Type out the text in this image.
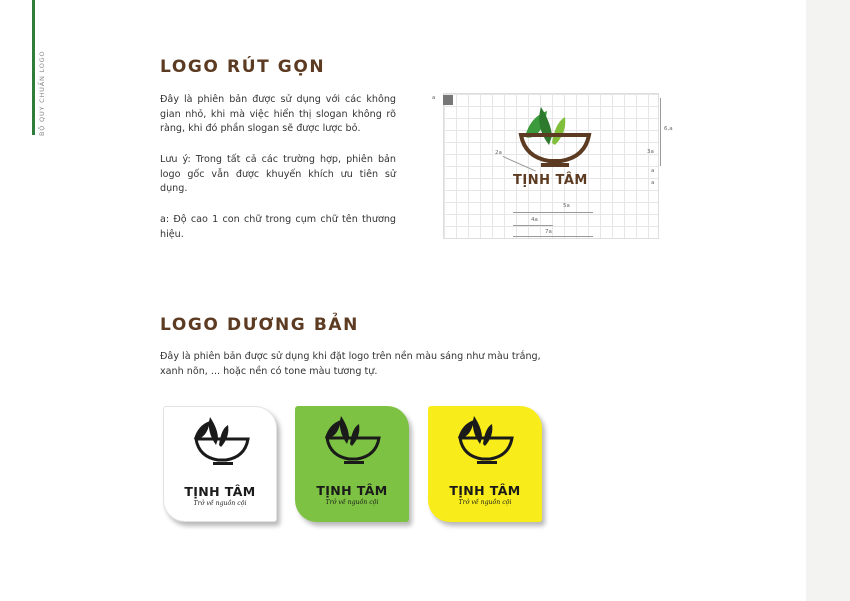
BỘ QUY CHUẨN LOGO	LOGO RÚT GỌN

Đây là phiên bản được sử dụng với các không gian nhỏ, khi mà việc hiển thị slogan không rõ ràng, khi đó phần slogan sẽ được lược bỏ.

Lưu ý: Trong tất cả các trường hợp, phiên bản logo gốc vẫn được khuyến khích ưu tiên sử dụng.

a: Độ cao 1 con chữ trong cụm chữ tên thương hiệu.

a
6,a
3a
a
a
2a
5a
4a
7a
TỊNH TÂM
LOGO DƯƠNG BẢN

Đây là phiên bản được sử dụng khi đặt logo trên nền màu sáng như màu trắng, xanh nõn, ... hoặc nền có tone màu tương tự.

TỊNH TÂM
Trở về nguồn cội
TỊNH TÂM
Trở về nguồn cội
TỊNH TÂM
Trở về nguồn cội
